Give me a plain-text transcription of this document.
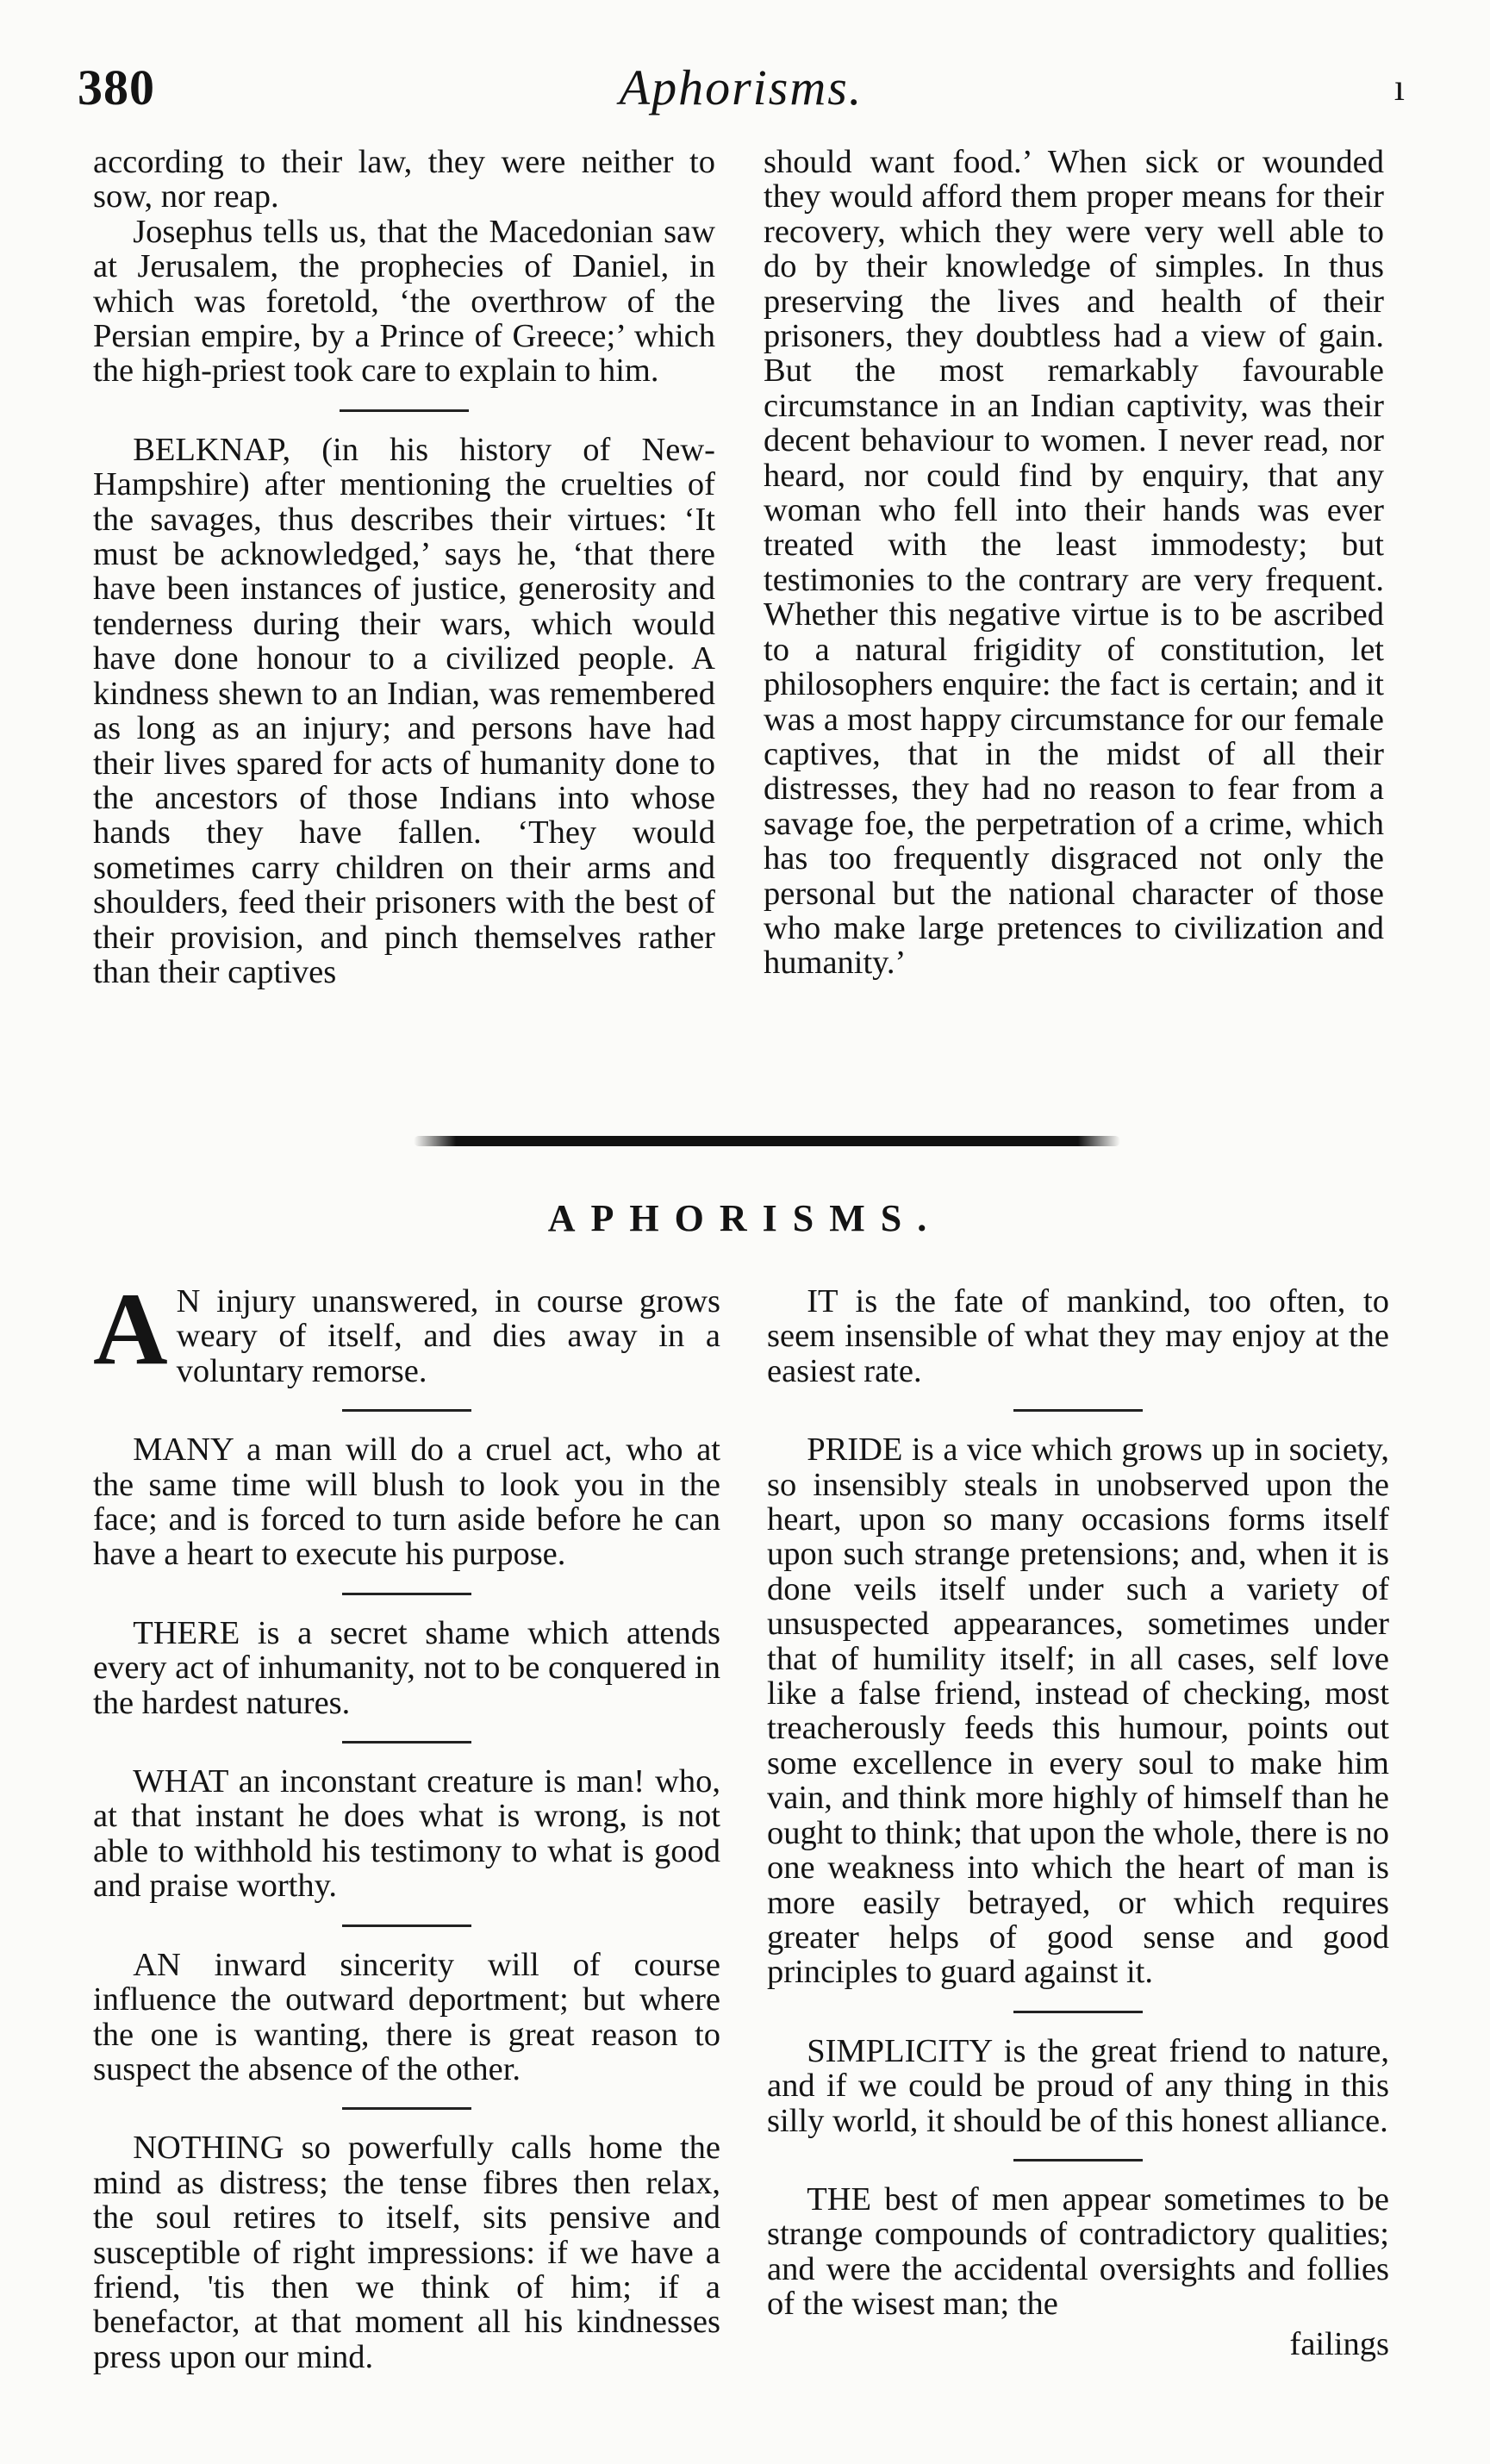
380	Aphorisms.	ı

according to their law, they were neither to sow, nor reap.

Josephus tells us, that the Macedonian saw at Jerusalem, the prophecies of Daniel, in which was foretold, ‘the overthrow of the Persian empire, by a Prince of Greece;’ which the high-priest took care to explain to him.

BELKNAP, (in his history of New-Hampshire) after mentioning the cruelties of the savages, thus describes their virtues: ‘It must be acknowledged,’ says he, ‘that there have been instances of justice, generosity and tenderness during their wars, which would have done honour to a civilized people. A kindness shewn to an Indian, was remembered as long as an injury; and persons have had their lives spared for acts of humanity done to the ancestors of those Indians into whose hands they have fallen. ‘They would sometimes carry children on their arms and shoulders, feed their prisoners with the best of their provision, and pinch themselves rather than their captives

should want food.’ When sick or wounded they would afford them proper means for their recovery, which they were very well able to do by their knowledge of simples. In thus preserving the lives and health of their prisoners, they doubtless had a view of gain. But the most remarkably favourable circumstance in an Indian captivity, was their decent behaviour to women. I never read, nor heard, nor could find by enquiry, that any woman who fell into their hands was ever treated with the least immodesty; but testimonies to the contrary are very frequent. Whether this negative virtue is to be ascribed to a natural frigidity of constitution, let philosophers enquire: the fact is certain; and it was a most happy circumstance for our female captives, that in the midst of all their distresses, they had no reason to fear from a savage foe, the perpetration of a crime, which has too frequently disgraced not only the personal but the national character of those who make large pretences to civilization and humanity.’

APHORISMS.

A N injury unanswered, in course grows weary of itself, and dies away in a voluntary remorse.

MANY a man will do a cruel act, who at the same time will blush to look you in the face; and is forced to turn aside before he can have a heart to execute his purpose.

THERE is a secret shame which attends every act of inhumanity, not to be conquered in the hardest natures.

WHAT an inconstant creature is man! who, at that instant he does what is wrong, is not able to withhold his testimony to what is good and praise worthy.

AN inward sincerity will of course influence the outward deportment; but where the one is wanting, there is great reason to suspect the absence of the other.

NOTHING so powerfully calls home the mind as distress; the tense fibres then relax, the soul retires to itself, sits pensive and susceptible of right impressions: if we have a friend, 'tis then we think of him; if a benefactor, at that moment all his kindnesses press upon our mind.

IT is the fate of mankind, too often, to seem insensible of what they may enjoy at the easiest rate.

PRIDE is a vice which grows up in society, so insensibly steals in unobserved upon the heart, upon so many occasions forms itself upon such strange pretensions; and, when it is done veils itself under such a variety of unsuspected appearances, sometimes under that of humility itself; in all cases, self love like a false friend, instead of checking, most treacherously feeds this humour, points out some excellence in every soul to make him vain, and think more highly of himself than he ought to think; that upon the whole, there is no one weakness into which the heart of man is more easily betrayed, or which requires greater helps of good sense and good principles to guard against it.

SIMPLICITY is the great friend to nature, and if we could be proud of any thing in this silly world, it should be of this honest alliance.

THE best of men appear sometimes to be strange compounds of contradictory qualities; and were the accidental oversights and follies of the wisest man; the

failings
